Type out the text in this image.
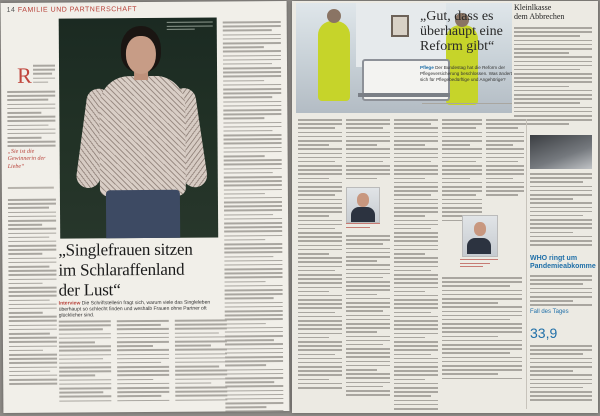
14 FAMILIE UND PARTNERSCHAFT
R
„Sie ist die Gewinnerin der Liebe“
„Singlefrauen sitzen
im Schlaraffenland
der Lust“
Interview Die Schriftstellerin fragt sich, warum viele das Singleleben überhaupt so schlecht finden und weshalb Frauen ohne Partner oft glücklicher sind.
„Gut, dass es
überhaupt eine
Reform gibt“
Pflege Der Bundestag hat die Reform der Pflegeversicherung beschlossen. Was ändert sich für Pflegebedürftige und Angehörige?
Kleinlkasse
dem Abbrechen
WHO ringt um
Pandemieabkomme
Fall des Tages
33,9
